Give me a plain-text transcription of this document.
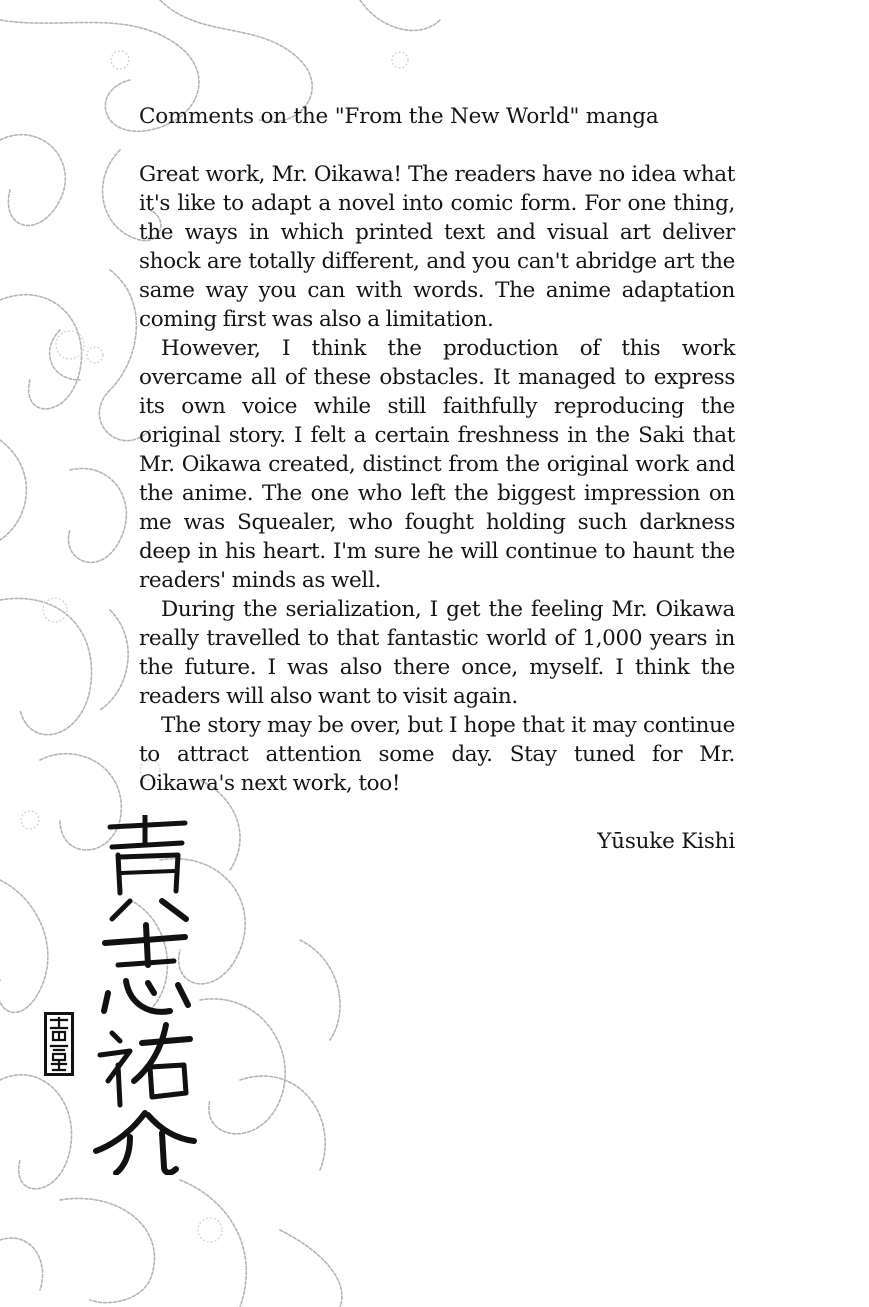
Comments on the "From the New World" manga

Great work, Mr. Oikawa! The readers have no idea what it's like to adapt a novel into comic form. For one thing, the ways in which printed text and visual art deliver shock are totally different, and you can't abridge art the same way you can with words. The anime adaptation coming first was also a limitation.

However, I think the production of this work overcame all of these obstacles. It managed to express its own voice while still faithfully reproducing the original story. I felt a certain freshness in the Saki that Mr. Oikawa created, distinct from the original work and the anime. The one who left the biggest impression on me was Squealer, who fought holding such darkness deep in his heart. I'm sure he will continue to haunt the readers' minds as well.

During the serialization, I get the feeling Mr. Oikawa really travelled to that fantastic world of 1,000 years in the future. I was also there once, myself. I think the readers will also want to visit again.

The story may be over, but I hope that it may continue to attract attention some day. Stay tuned for Mr. Oikawa's next work, too!

Yūsuke Kishi
